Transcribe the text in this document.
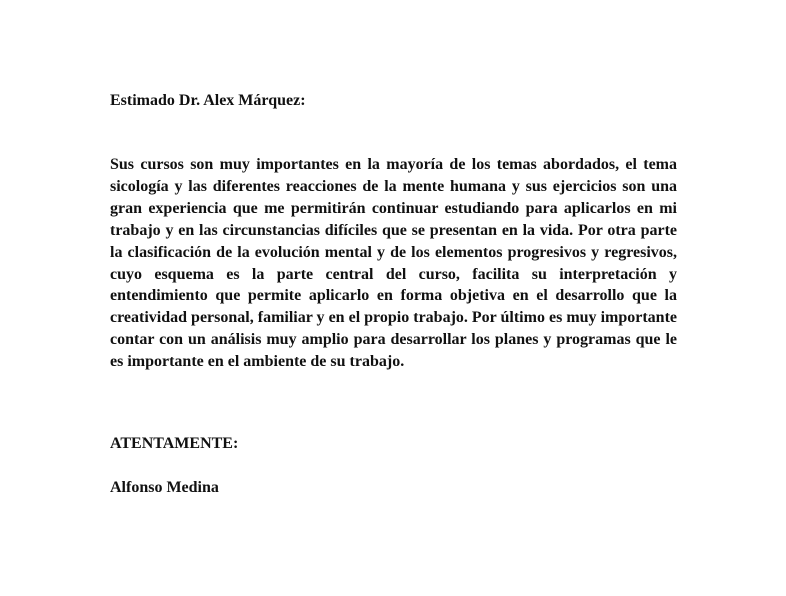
Estimado Dr. Alex Márquez:

Sus cursos son muy importantes en la mayoría de los temas abordados, el tema sicología y las diferentes reacciones de la mente humana y sus ejercicios son una gran experiencia que me permitirán continuar estudiando para aplicarlos en mi trabajo y en las circunstancias difíciles que se presentan en la vida. Por otra parte la clasificación de la evolución mental y de los elementos progresivos y regresivos, cuyo esquema es la parte central del curso, facilita su interpretación y entendimiento que permite aplicarlo en forma objetiva en el desarrollo que la creatividad personal, familiar y en el propio trabajo. Por último es muy importante contar con un análisis muy amplio para desarrollar los planes y programas que le es importante en el ambiente de su trabajo.

ATENTAMENTE:
Alfonso Medina
